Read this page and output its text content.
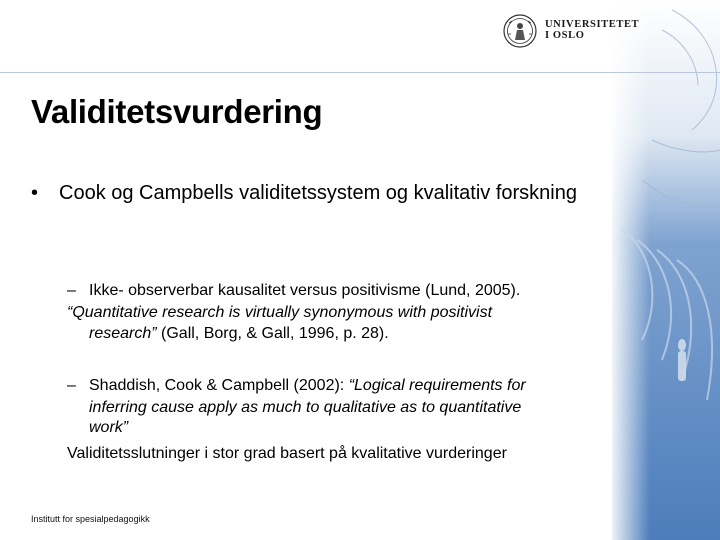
UNIVERSITETET
I OSLO
Validitetsvurdering
• Cook og Campbells validitetssystem og kvalitativ forskning
– Ikke- observerbar kausalitet versus positivisme (Lund, 2005).
“Quantitative research is virtually synonymous with positivist
research” (Gall, Borg, & Gall, 1996, p. 28).
– Shaddish, Cook & Campbell (2002): “Logical requirements for
inferring cause apply as much to qualitative as to quantitative
work”
Validitetsslutninger i stor grad basert på kvalitative vurderinger
Institutt for spesialpedagogikk
